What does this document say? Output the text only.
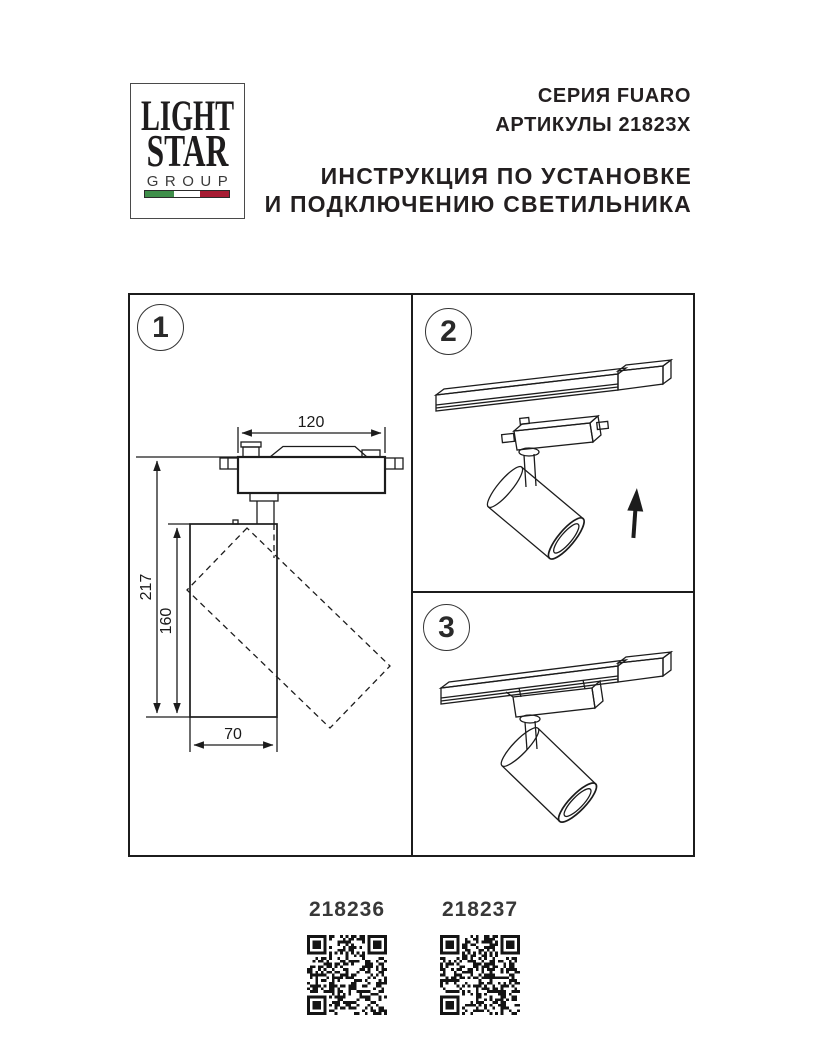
LIGHT
STAR
GROUP
СЕРИЯ FUARO
АРТИКУЛЫ 21823X
ИНСТРУКЦИЯ ПО УСТАНОВКЕ
И ПОДКЛЮЧЕНИЮ СВЕТИЛЬНИКА
120
217
160
70
1	2
3
218236	218237
